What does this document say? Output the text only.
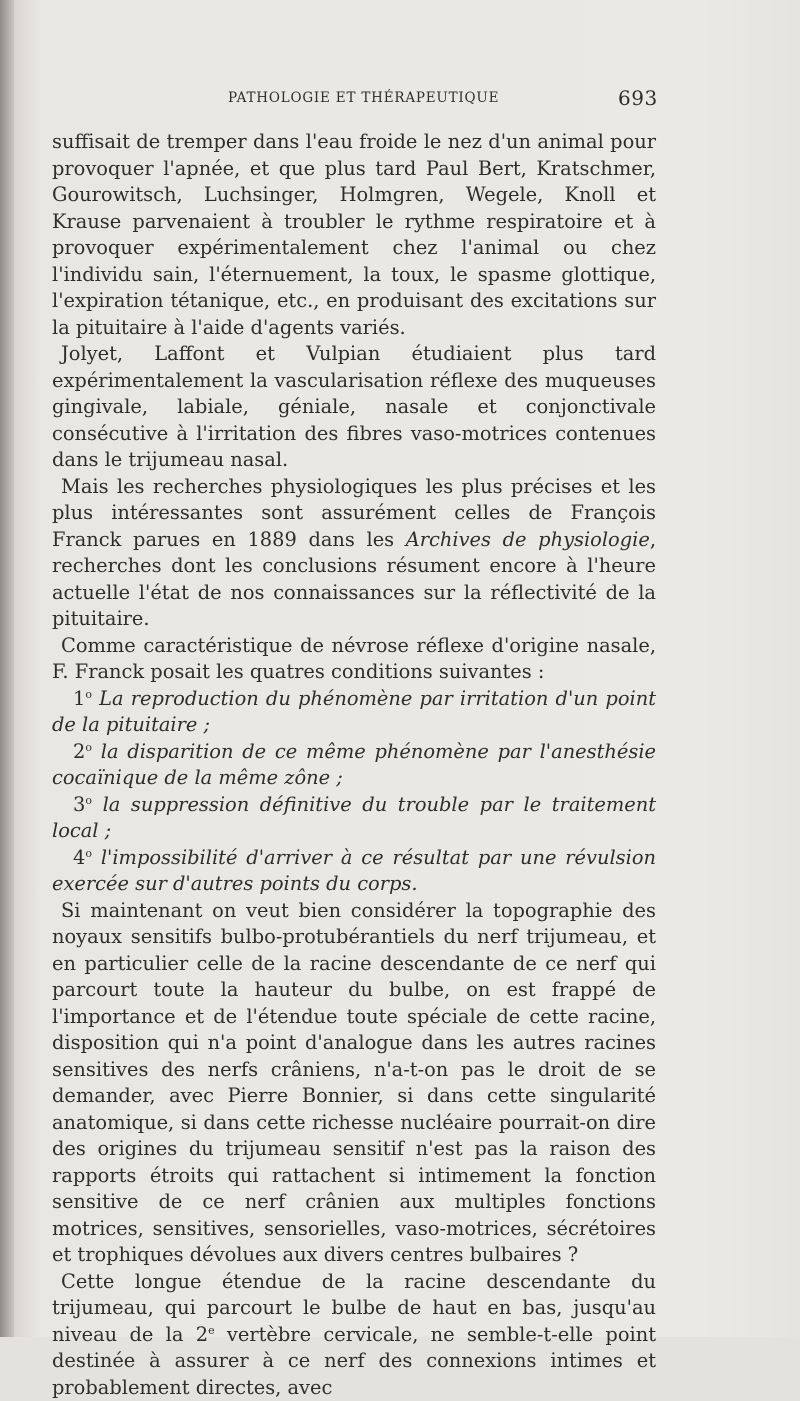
PATHOLOGIE ET THÉRAPEUTIQUE	693

suffisait de tremper dans l'eau froide le nez d'un animal pour provoquer l'apnée, et que plus tard Paul Bert, Kratschmer, Gourowitsch, Luchsinger, Holmgren, Wegele, Knoll et Krause parvenaient à troubler le rythme respiratoire et à provoquer expérimentalement chez l'animal ou chez l'individu sain, l'éternuement, la toux, le spasme glottique, l'expiration tétanique, etc., en produisant des excitations sur la pituitaire à l'aide d'agents variés.

Jolyet, Laffont et Vulpian étudiaient plus tard expérimentalement la vascularisation réflexe des muqueuses gingivale, labiale, géniale, nasale et conjonctivale consécutive à l'irritation des fibres vaso-motrices contenues dans le trijumeau nasal.

Mais les recherches physiologiques les plus précises et les plus intéressantes sont assurément celles de François Franck parues en 1889 dans les Archives de physiologie, recherches dont les conclusions résument encore à l'heure actuelle l'état de nos connaissances sur la réflectivité de la pituitaire.

Comme caractéristique de névrose réflexe d'origine nasale, F. Franck posait les quatres conditions suivantes :

1$^o$ La reproduction du phénomène par irritation d'un point de la pituitaire ;

2$^o$ la disparition de ce même phénomène par l'anesthésie cocaïnique de la même zône ;

3$^o$ la suppression définitive du trouble par le traitement local ;

4$^o$ l'impossibilité d'arriver à ce résultat par une révulsion exercée sur d'autres points du corps.

Si maintenant on veut bien considérer la topographie des noyaux sensitifs bulbo-protubérantiels du nerf trijumeau, et en particulier celle de la racine descendante de ce nerf qui parcourt toute la hauteur du bulbe, on est frappé de l'importance et de l'étendue toute spéciale de cette racine, disposition qui n'a point d'analogue dans les autres racines sensitives des nerfs crâniens, n'a-t-on pas le droit de se demander, avec Pierre Bonnier, si dans cette singularité anatomique, si dans cette richesse nucléaire pourrait-on dire des origines du trijumeau sensitif n'est pas la raison des rapports étroits qui rattachent si intimement la fonction sensitive de ce nerf crânien aux multiples fonctions motrices, sensitives, sensorielles, vaso-motrices, sécrétoires et trophiques dévolues aux divers centres bulbaires ?

Cette longue étendue de la racine descendante du trijumeau, qui parcourt le bulbe de haut en bas, jusqu'au niveau de la 2e vertèbre cervicale, ne semble-t-elle point destinée à assurer à ce nerf des connexions intimes et probablement directes, avec
